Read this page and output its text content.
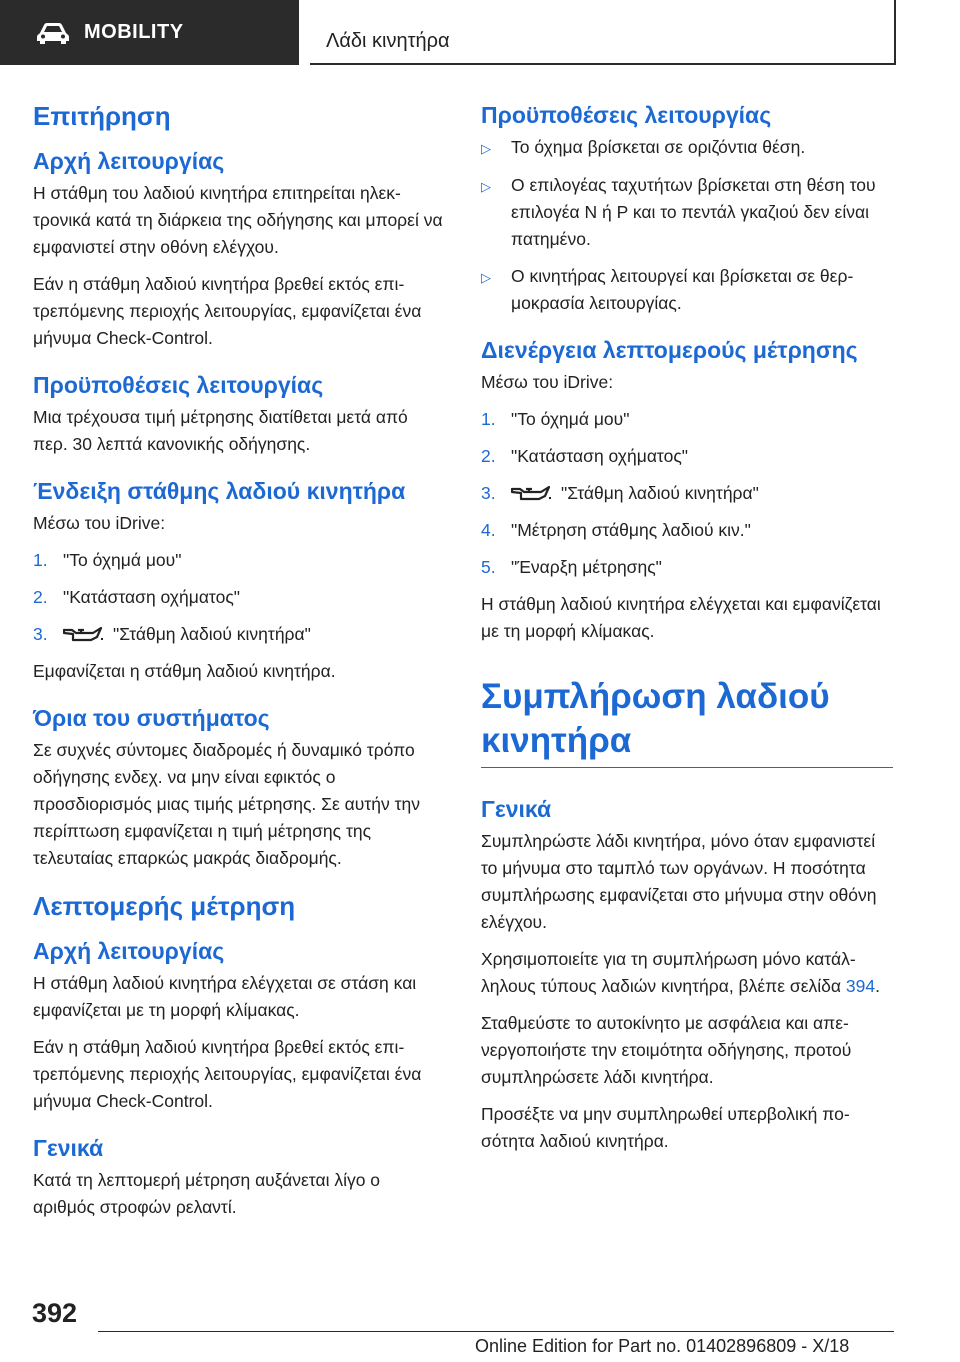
MOBILITY	Λάδι κινητήρα
Επιτήρηση
Αρχή λειτουργίας

Η στάθμη του λαδιού κινητήρα επιτηρείται ηλεκτρονικά κατά τη διάρκεια της οδήγησης και μπορεί να εμφανιστεί στην οθόνη ελέγχου.

Εάν η στάθμη λαδιού κινητήρα βρεθεί εκτός επιτρεπόμενης περιοχής λειτουργίας, εμφανίζεται ένα μήνυμα Check-Control.

Προϋποθέσεις λειτουργίας

Μια τρέχουσα τιμή μέτρησης διατίθεται μετά από περ. 30 λεπτά κανονικής οδήγησης.

Ένδειξη στάθμης λαδιού κινητήρα

Μέσω του iDrive:

1. "Το όχημά μου"
2. "Κατάσταση οχήματος"
3.	"Στάθμη λαδιού κινητήρα"

Εμφανίζεται η στάθμη λαδιού κινητήρα.

Όρια του συστήματος

Σε συχνές σύντομες διαδρομές ή δυναμικό τρόπο οδήγησης ενδεχ. να μην είναι εφικτός ο προσδιορισμός μιας τιμής μέτρησης. Σε αυτήν την περίπτωση εμφανίζεται η τιμή μέτρησης της τελευταίας επαρκώς μακράς διαδρομής.

Λεπτομερής μέτρηση
Αρχή λειτουργίας

Η στάθμη λαδιού κινητήρα ελέγχεται σε στάση και εμφανίζεται με τη μορφή κλίμακας.

Εάν η στάθμη λαδιού κινητήρα βρεθεί εκτός επιτρεπόμενης περιοχής λειτουργίας, εμφανίζεται ένα μήνυμα Check-Control.

Γενικά

Κατά τη λεπτομερή μέτρηση αυξάνεται λίγο ο αριθμός στροφών ρελαντί.

Προϋποθέσεις λειτουργίας
▷	Το όχημα βρίσκεται σε οριζόντια θέση.
▷	Ο επιλογέας ταχυτήτων βρίσκεται στη θέση του επιλογέα N ή P και το πεντάλ γκαζιού δεν είναι πατημένο.
▷	Ο κινητήρας λειτουργεί και βρίσκεται σε θερμοκρασία λειτουργίας.
Διενέργεια λεπτομερούς μέτρησης

Μέσω του iDrive:

1. "Το όχημά μου"
2. "Κατάσταση οχήματος"
3.	"Στάθμη λαδιού κινητήρα"
4. "Μέτρηση στάθμης λαδιού κιν."
5. "Έναρξη μέτρησης"

Η στάθμη λαδιού κινητήρα ελέγχεται και εμφανίζεται με τη μορφή κλίμακας.

Συμπλήρωση λαδιού κινητήρα
Γενικά

Συμπληρώστε λάδι κινητήρα, μόνο όταν εμφανιστεί το μήνυμα στο ταμπλό των οργάνων. Η ποσότητα συμπλήρωσης εμφανίζεται στο μήνυμα στην οθόνη ελέγχου.

Χρησιμοποιείτε για τη συμπλήρωση μόνο κατάλληλους τύπους λαδιών κινητήρα, βλέπε σελίδα 394.

Σταθμεύστε το αυτοκίνητο με ασφάλεια και απενεργοποιήστε την ετοιμότητα οδήγησης, προτού συμπληρώσετε λάδι κινητήρα.

Προσέξτε να μην συμπληρωθεί υπερβολική ποσότητα λαδιού κινητήρα.

392
Online Edition for Part no. 01402896809 - X/18
